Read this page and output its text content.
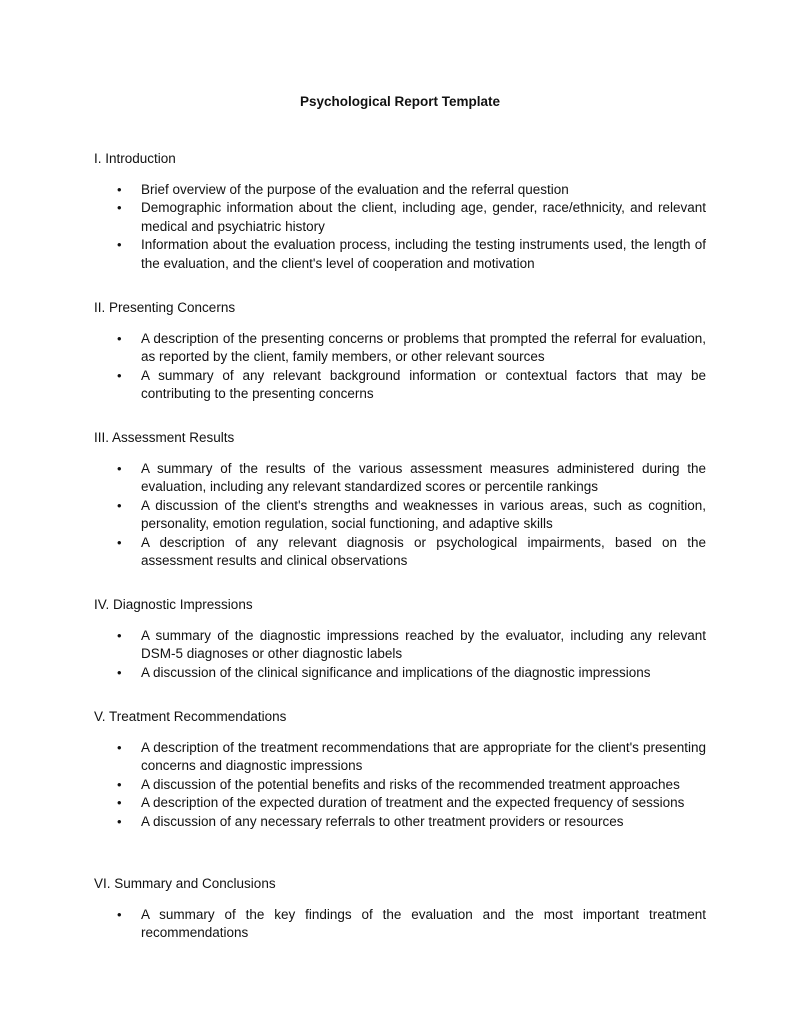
Psychological Report Template
I. Introduction
• Brief overview of the purpose of the evaluation and the referral question
• Demographic information about the client, including age, gender, race/ethnicity, and relevant medical and psychiatric history
• Information about the evaluation process, including the testing instruments used, the length of the evaluation, and the client's level of cooperation and motivation
II. Presenting Concerns
• A description of the presenting concerns or problems that prompted the referral for evaluation, as reported by the client, family members, or other relevant sources
• A summary of any relevant background information or contextual factors that may be contributing to the presenting concerns
III. Assessment Results
• A summary of the results of the various assessment measures administered during the evaluation, including any relevant standardized scores or percentile rankings
• A discussion of the client's strengths and weaknesses in various areas, such as cognition, personality, emotion regulation, social functioning, and adaptive skills
• A description of any relevant diagnosis or psychological impairments, based on the assessment results and clinical observations
IV. Diagnostic Impressions
• A summary of the diagnostic impressions reached by the evaluator, including any relevant DSM-5 diagnoses or other diagnostic labels
• A discussion of the clinical significance and implications of the diagnostic impressions
V. Treatment Recommendations
• A description of the treatment recommendations that are appropriate for the client's presenting concerns and diagnostic impressions
• A discussion of the potential benefits and risks of the recommended treatment approaches
• A description of the expected duration of treatment and the expected frequency of sessions
• A discussion of any necessary referrals to other treatment providers or resources
VI. Summary and Conclusions
• A summary of the key findings of the evaluation and the most important treatment recommendations
